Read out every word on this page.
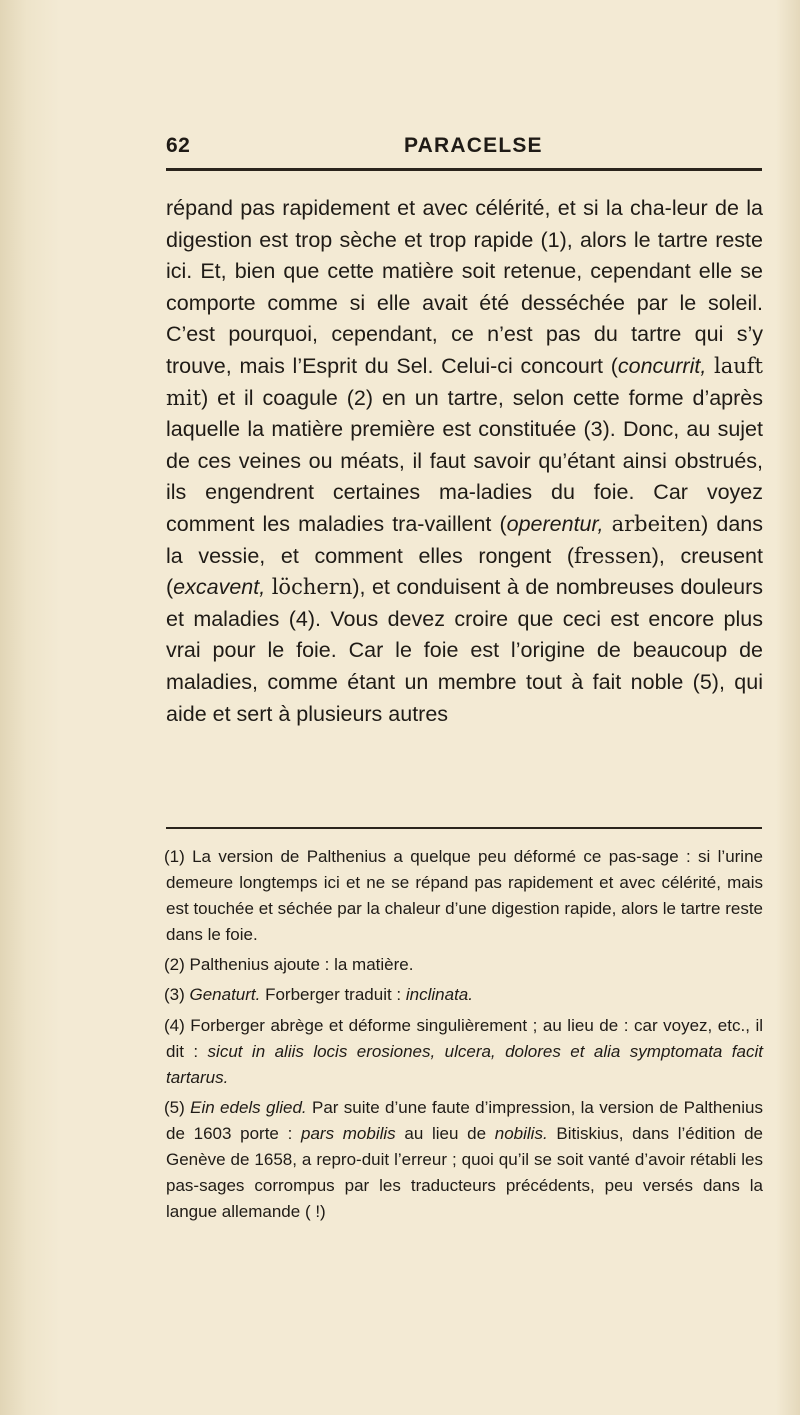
62	PARACELSE

répand pas rapidement et avec célérité, et si la cha-leur de la digestion est trop sèche et trop rapide (1), alors le tartre reste ici. Et, bien que cette matière soit retenue, cependant elle se comporte comme si elle avait été desséchée par le soleil. C’est pourquoi, cependant, ce n’est pas du tartre qui s’y trouve, mais l’Esprit du Sel. Celui-ci concourt (concurrit, lauft mit) et il coagule (2) en un tartre, selon cette forme d’après laquelle la matière première est constituée (3). Donc, au sujet de ces veines ou méats, il faut savoir qu’étant ainsi obstrués, ils engendrent certaines ma-ladies du foie. Car voyez comment les maladies tra-vaillent (operentur, arbeiten) dans la vessie, et comment elles rongent (fressen), creusent (excavent, löchern), et conduisent à de nombreuses douleurs et maladies (4). Vous devez croire que ceci est encore plus vrai pour le foie. Car le foie est l’origine de beaucoup de maladies, comme étant un membre tout à fait noble (5), qui aide et sert à plusieurs autres

(1) La version de Palthenius a quelque peu déformé ce pas-sage : si l’urine demeure longtemps ici et ne se répand pas rapidement et avec célérité, mais est touchée et séchée par la chaleur d’une digestion rapide, alors le tartre reste dans le foie.

(2) Palthenius ajoute : la matière.

(3) Genaturt. Forberger traduit : inclinata.

(4) Forberger abrège et déforme singulièrement ; au lieu de : car voyez, etc., il dit : sicut in aliis locis erosiones, ulcera, dolores et alia symptomata facit tartarus.

(5) Ein edels glied. Par suite d’une faute d’impression, la version de Palthenius de 1603 porte : pars mobilis au lieu de nobilis. Bitiskius, dans l’édition de Genève de 1658, a repro-duit l’erreur ; quoi qu’il se soit vanté d’avoir rétabli les pas-sages corrompus par les traducteurs précédents, peu versés dans la langue allemande ( !)
